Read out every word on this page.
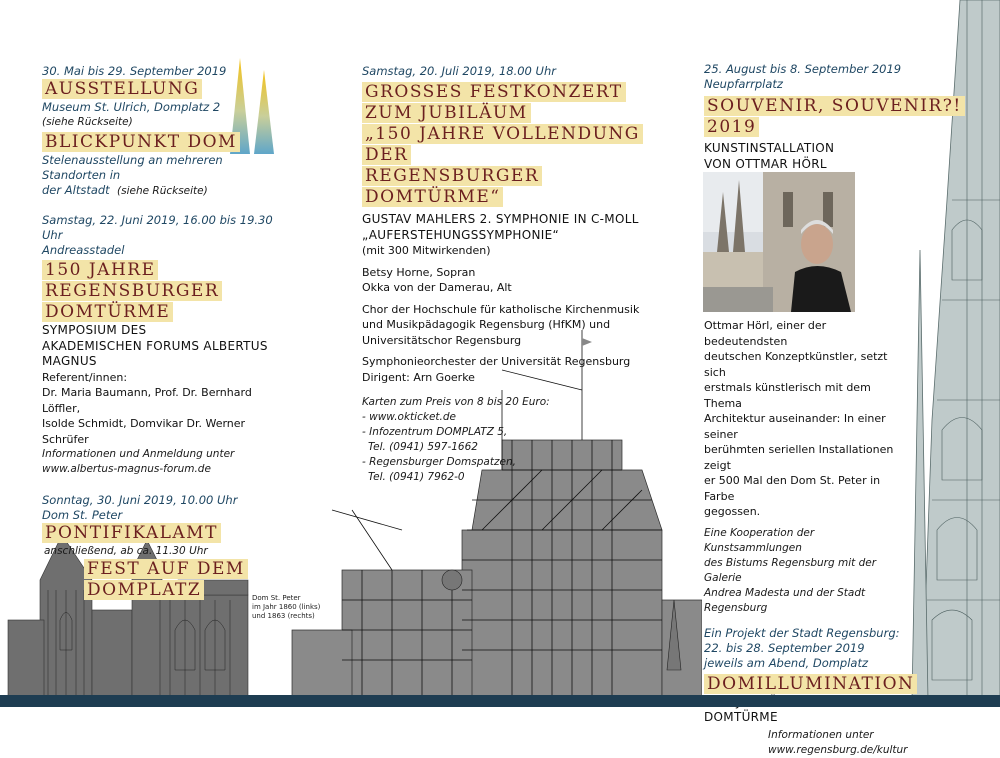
Dom St. Peter
im Jahr 1860 (links)
und 1863 (rechts)
30. Mai bis 29. September 2019
AUSSTELLUNG
Museum St. Ulrich, Domplatz 2
(siehe Rückseite)
BLICKPUNKT DOM
Stelenausstellung an mehreren Standorten in
der Altstadt (siehe Rückseite)
Samstag, 22. Juni 2019, 16.00 bis 19.30 Uhr
Andreasstadel
150 JAHRE
REGENSBURGER DOMTÜRME
SYMPOSIUM DES
AKADEMISCHEN FORUMS ALBERTUS MAGNUS
Referent/innen:
Dr. Maria Baumann, Prof. Dr. Bernhard Löffler,
Isolde Schmidt, Domvikar Dr. Werner Schrüfer
Informationen und Anmeldung unter
www.albertus-magnus-forum.de
Sonntag, 30. Juni 2019, 10.00 Uhr
Dom St. Peter
PONTIFIKALAMT
anschließend, ab ca. 11.30 Uhr
FEST AUF DEM
DOMPLATZ
Samstag, 20. Juli 2019, 18.00 Uhr
GROSSES FESTKONZERT
ZUM JUBILÄUM
„150 JAHRE VOLLENDUNG DER
REGENSBURGER DOMTÜRME“
GUSTAV MAHLERS 2. SYMPHONIE IN C-MOLL
„AUFERSTEHUNGSSYMPHONIE“
(mit 300 Mitwirkenden)
Betsy Horne, Sopran
Okka von der Damerau, Alt
Chor der Hochschule für katholische Kirchenmusik
und Musikpädagogik Regensburg (HfKM) und
Universitätschor Regensburg
Symphonieorchester der Universität Regensburg
Dirigent: Arn Goerke
Karten zum Preis von 8 bis 20 Euro:
- www.okticket.de
- Infozentrum DOMPLATZ 5,
Tel. (0941) 597-1662
- Regensburger Domspatzen,
Tel. (0941) 7962-0
25. August bis 8. September 2019
Neupfarrplatz
SOUVENIR, SOUVENIR?!
2019
KUNSTINSTALLATION
VON OTTMAR HÖRL
Ottmar Hörl, einer der bedeutendsten
deutschen Konzeptkünstler, setzt sich
erstmals künstlerisch mit dem Thema
Architektur auseinander: In einer seiner
berühmten seriellen Installationen zeigt
er 500 Mal den Dom St. Peter in Farbe
gegossen.
Eine Kooperation der Kunstsammlungen
des Bistums Regensburg mit der Galerie
Andrea Madesta und der Stadt Regensburg
Ein Projekt der Stadt Regensburg:
22. bis 28. September 2019
jeweils am Abend, Domplatz
DOMILLUMINATION
DOMTÜRME
Informationen unter
www.regensburg.de/kultur
